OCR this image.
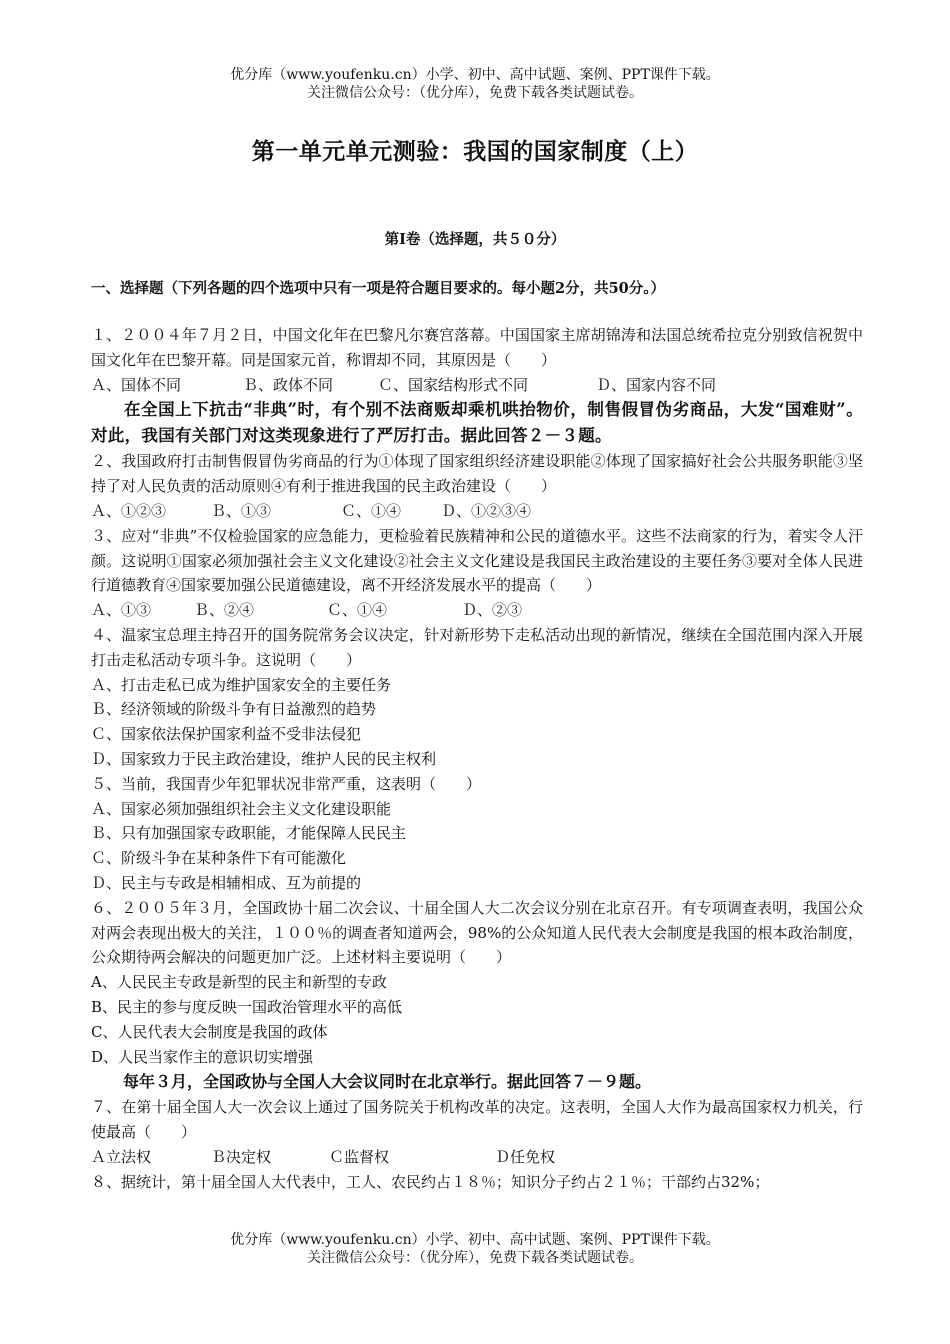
优分库（www.youfenku.cn）小学、初中、高中试题、案例、PPT课件下载。
关注微信公众号：（优分库），免费下载各类试题试卷。
第一单元单元测验：我国的国家制度（上）
第Ⅰ卷（选择题，共５０分）
一、选择题（下列各题的四个选项中只有一项是符合题目要求的。每小题2分，共50分。）
１、２００４年７月２日，中国文化年在巴黎凡尔赛宫落幕。中国国家主席胡锦涛和法国总统希拉克分别致信祝贺中国文化年在巴黎开幕。同是国家元首，称谓却不同，其原因是（　　）
Ａ、国体不同	Ｂ、政体不同	Ｃ、国家结构形式不同	Ｄ、国家内容不同
在全国上下抗击“非典”时，有个别不法商贩却乘机哄抬物价，制售假冒伪劣商品，大发“国难财”。对此，我国有关部门对这类现象进行了严厉打击。据此回答２－３题。
２、我国政府打击制售假冒伪劣商品的行为①体现了国家组织经济建设职能②体现了国家搞好社会公共服务职能③坚持了对人民负责的活动原则④有利于推进我国的民主政治建设（　　）
Ａ、①②③	Ｂ、①③	Ｃ、①④	Ｄ、①②③④
３、应对“非典”不仅检验国家的应急能力，更检验着民族精神和公民的道德水平。这些不法商家的行为，着实令人汗颜。这说明①国家必须加强社会主义文化建设②社会主义文化建设是我国民主政治建设的主要任务③要对全体人民进行道德教育④国家要加强公民道德建设，离不开经济发展水平的提高（　　）
Ａ、①③	Ｂ、②④	Ｃ、①④	Ｄ、②③
４、温家宝总理主持召开的国务院常务会议决定，针对新形势下走私活动出现的新情况，继续在全国范围内深入开展打击走私活动专项斗争。这说明（　　）
Ａ、打击走私已成为维护国家安全的主要任务
Ｂ、经济领域的阶级斗争有日益激烈的趋势
Ｃ、国家依法保护国家利益不受非法侵犯
Ｄ、国家致力于民主政治建设，维护人民的民主权利
５、当前，我国青少年犯罪状况非常严重，这表明（　　）
Ａ、国家必须加强组织社会主义文化建设职能
Ｂ、只有加强国家专政职能，才能保障人民民主
Ｃ、阶级斗争在某种条件下有可能激化
Ｄ、民主与专政是相辅相成、互为前提的
６、２００５年３月，全国政协十届二次会议、十届全国人大二次会议分别在北京召开。有专项调查表明，我国公众对两会表现出极大的关注，１００％的调查者知道两会，98%的公众知道人民代表大会制度是我国的根本政治制度，公众期待两会解决的问题更加广泛。上述材料主要说明（　　）
A、人民民主专政是新型的民主和新型的专政
B、民主的参与度反映一国政治管理水平的高低
C、人民代表大会制度是我国的政体
D、人民当家作主的意识切实增强
每年３月，全国政协与全国人大会议同时在北京举行。据此回答７－９题。
７、在第十届全国人大一次会议上通过了国务院关于机构改革的决定。这表明，全国人大作为最高国家权力机关，行使最高（　　）
Ａ立法权	Ｂ决定权	Ｃ监督权	Ｄ任免权
８、据统计，第十届全国人大代表中，工人、农民约占１８％；知识分子约占２１％；干部约占32%；
优分库（www.youfenku.cn）小学、初中、高中试题、案例、PPT课件下载。
关注微信公众号：（优分库），免费下载各类试题试卷。
